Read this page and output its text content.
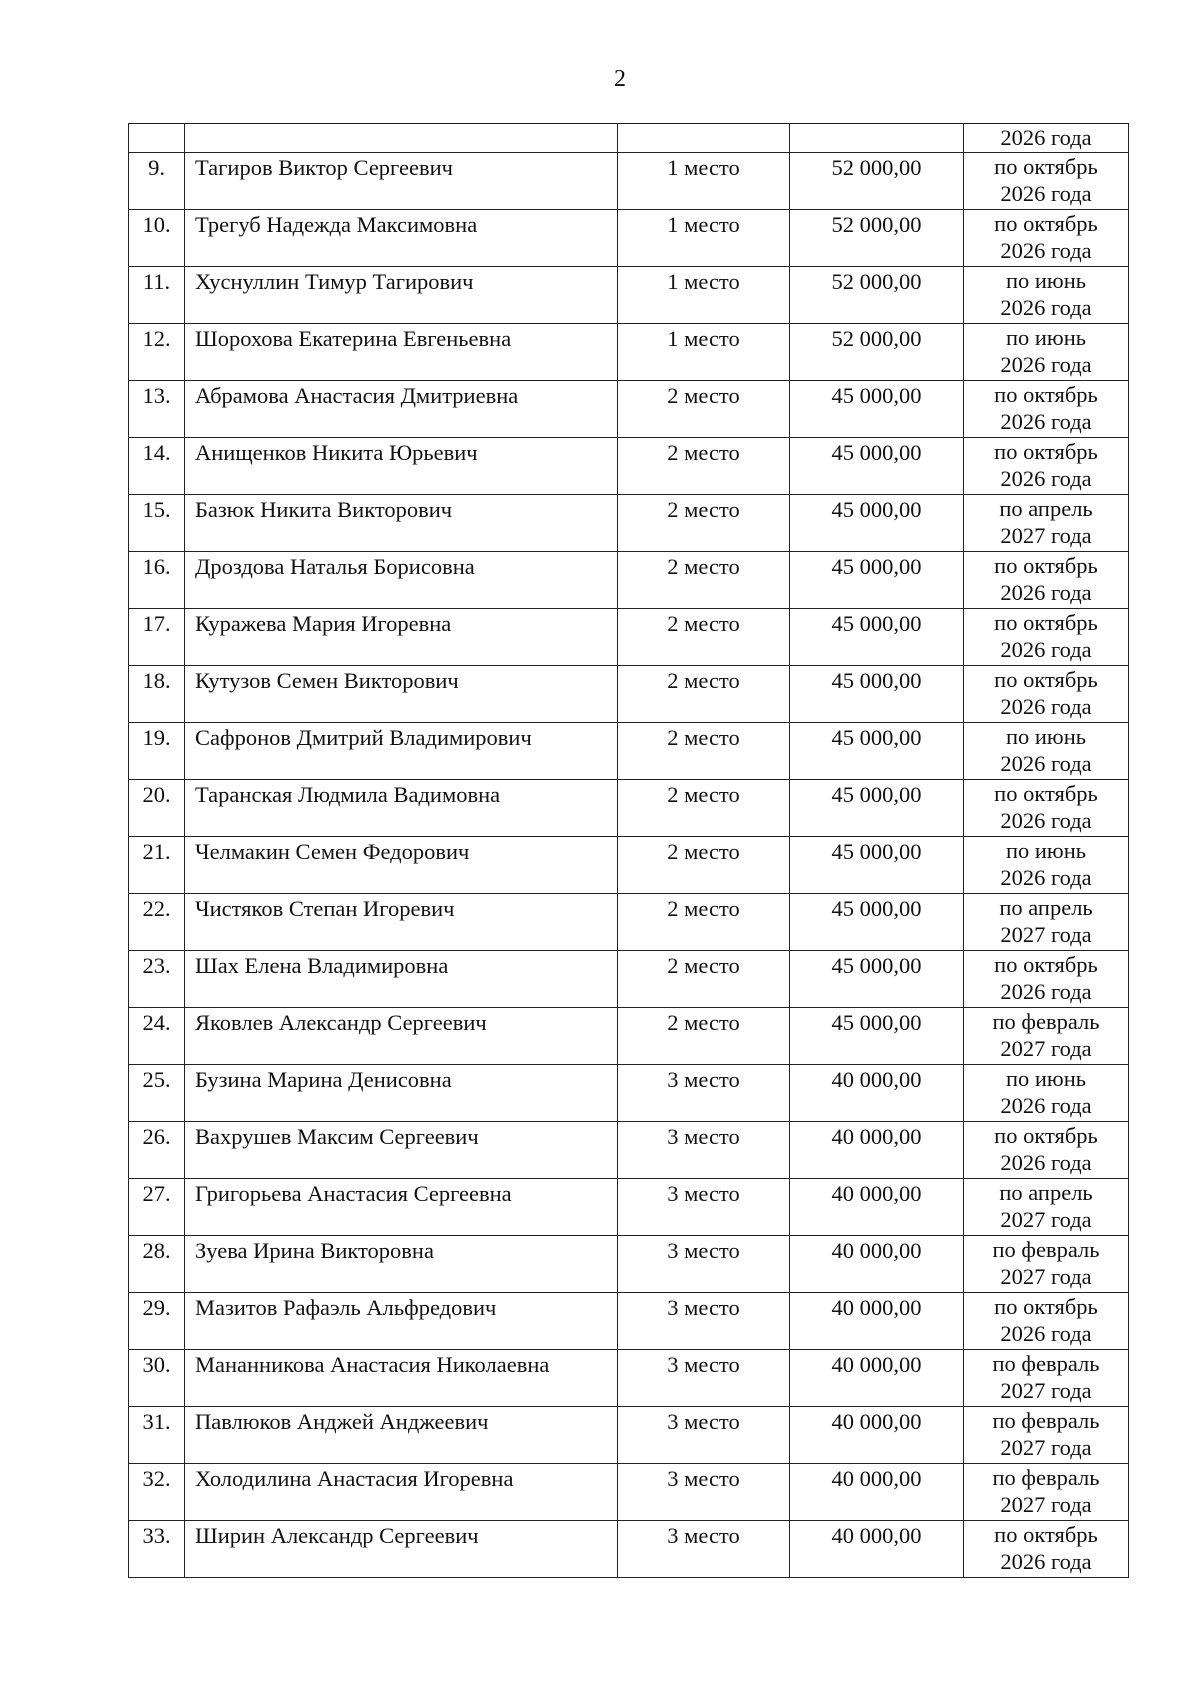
2

				2026 года

9.	Тагиров Виктор Сергеевич	1 место	52 000,00	по октябрь
2026 года

10.	Трегуб Надежда Максимовна	1 место	52 000,00	по октябрь
2026 года

11.	Хуснуллин Тимур Тагирович	1 место	52 000,00	по июнь
2026 года

12.	Шорохова Екатерина Евгеньевна	1 место	52 000,00	по июнь
2026 года

13.	Абрамова Анастасия Дмитриевна	2 место	45 000,00	по октябрь
2026 года

14.	Анищенков Никита Юрьевич	2 место	45 000,00	по октябрь
2026 года

15.	Базюк Никита Викторович	2 место	45 000,00	по апрель
2027 года

16.	Дроздова Наталья Борисовна	2 место	45 000,00	по октябрь
2026 года

17.	Куражева Мария Игоревна	2 место	45 000,00	по октябрь
2026 года

18.	Кутузов Семен Викторович	2 место	45 000,00	по октябрь
2026 года

19.	Сафронов Дмитрий Владимирович	2 место	45 000,00	по июнь
2026 года

20.	Таранская Людмила Вадимовна	2 место	45 000,00	по октябрь
2026 года

21.	Челмакин Семен Федорович	2 место	45 000,00	по июнь
2026 года

22.	Чистяков Степан Игоревич	2 место	45 000,00	по апрель
2027 года

23.	Шах Елена Владимировна	2 место	45 000,00	по октябрь
2026 года

24.	Яковлев Александр Сергеевич	2 место	45 000,00	по февраль
2027 года

25.	Бузина Марина Денисовна	3 место	40 000,00	по июнь
2026 года

26.	Вахрушев Максим Сергеевич	3 место	40 000,00	по октябрь
2026 года

27.	Григорьева Анастасия Сергеевна	3 место	40 000,00	по апрель
2027 года

28.	Зуева Ирина Викторовна	3 место	40 000,00	по февраль
2027 года

29.	Мазитов Рафаэль Альфредович	3 место	40 000,00	по октябрь
2026 года

30.	Мананникова Анастасия Николаевна	3 место	40 000,00	по февраль
2027 года

31.	Павлюков Анджей Анджеевич	3 место	40 000,00	по февраль
2027 года

32.	Холодилина Анастасия Игоревна	3 место	40 000,00	по февраль
2027 года

33.	Ширин Александр Сергеевич	3 место	40 000,00	по октябрь
2026 года
